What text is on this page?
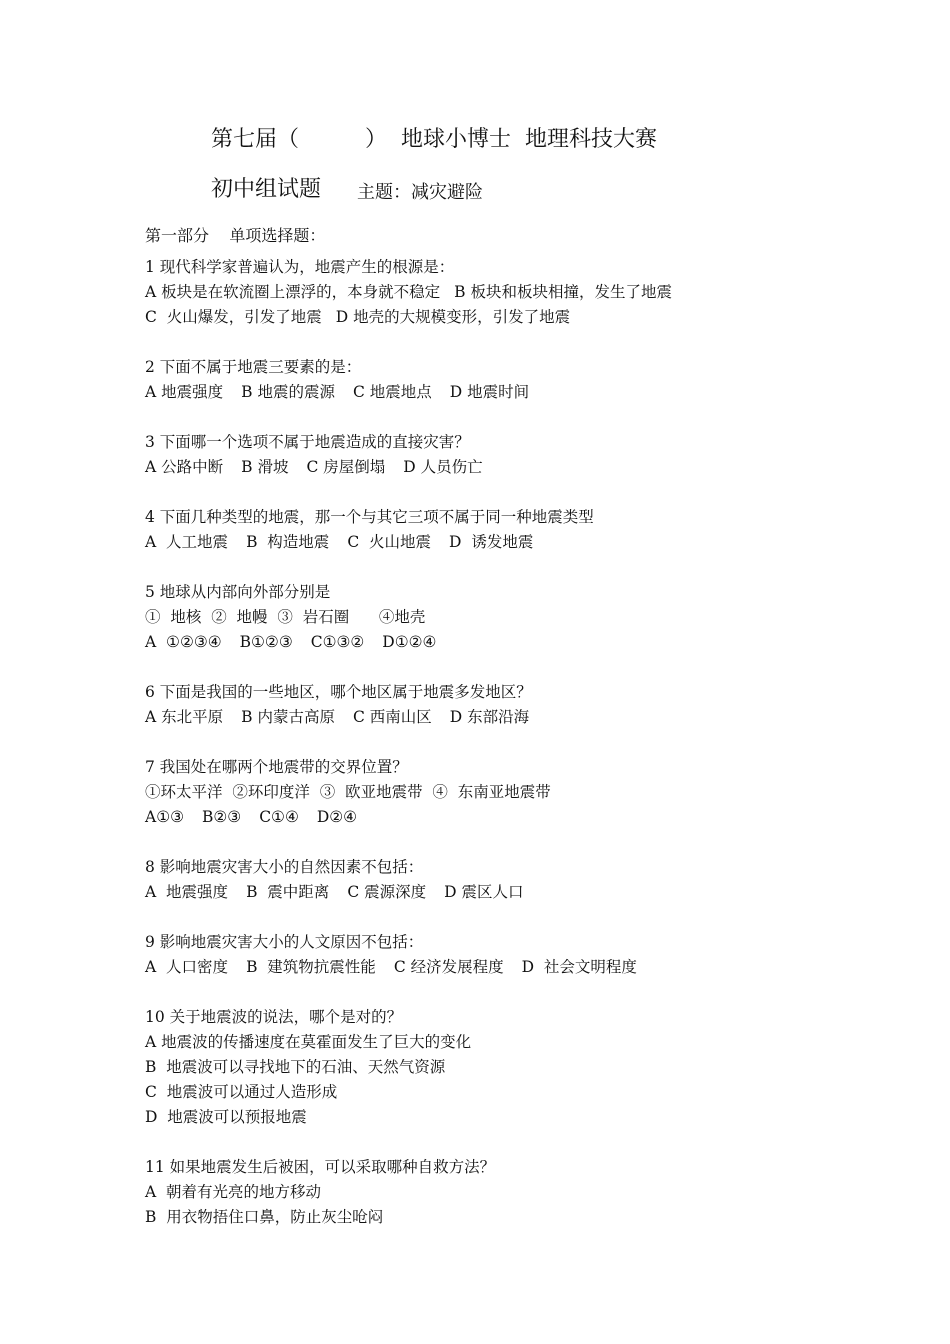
第七届（　　　） 地球小博士  地理科技大赛
初中组试题 主题：减灾避险
第一部分    单项选择题：
1 现代科学家普遍认为，地震产生的根源是：
A 板块是在软流圈上漂浮的，本身就不稳定 B 板块和板块相撞，发生了地震
C  火山爆发，引发了地震 D 地壳的大规模变形，引发了地震
2 下面不属于地震三要素的是：
A 地震强度 B 地震的震源 C 地震地点 D 地震时间
3 下面哪一个选项不属于地震造成的直接灾害？
A 公路中断 B 滑坡 C 房屋倒塌 D 人员伤亡
4 下面几种类型的地震，那一个与其它三项不属于同一种地震类型
A  人工地震 B  构造地震 C  火山地震 D  诱发地震
5 地球从内部向外部分别是
①  地核  ②  地幔  ③  岩石圈      ④地壳
A  ①②③④ B①②③ C①③② D①②④
6 下面是我国的一些地区，哪个地区属于地震多发地区？
A 东北平原 B 内蒙古高原 C 西南山区 D 东部沿海
7 我国处在哪两个地震带的交界位置？
①环太平洋  ②环印度洋  ③  欧亚地震带  ④  东南亚地震带
A①③ B②③ C①④ D②④
8 影响地震灾害大小的自然因素不包括：
A  地震强度 B  震中距离 C 震源深度 D 震区人口
9 影响地震灾害大小的人文原因不包括：
A  人口密度 B  建筑物抗震性能 C 经济发展程度 D  社会文明程度
10 关于地震波的说法，哪个是对的？
A 地震波的传播速度在莫霍面发生了巨大的变化
B  地震波可以寻找地下的石油、天然气资源
C  地震波可以通过人造形成
D  地震波可以预报地震
11 如果地震发生后被困，可以采取哪种自救方法？
A  朝着有光亮的地方移动
B  用衣物捂住口鼻，防止灰尘呛闷
